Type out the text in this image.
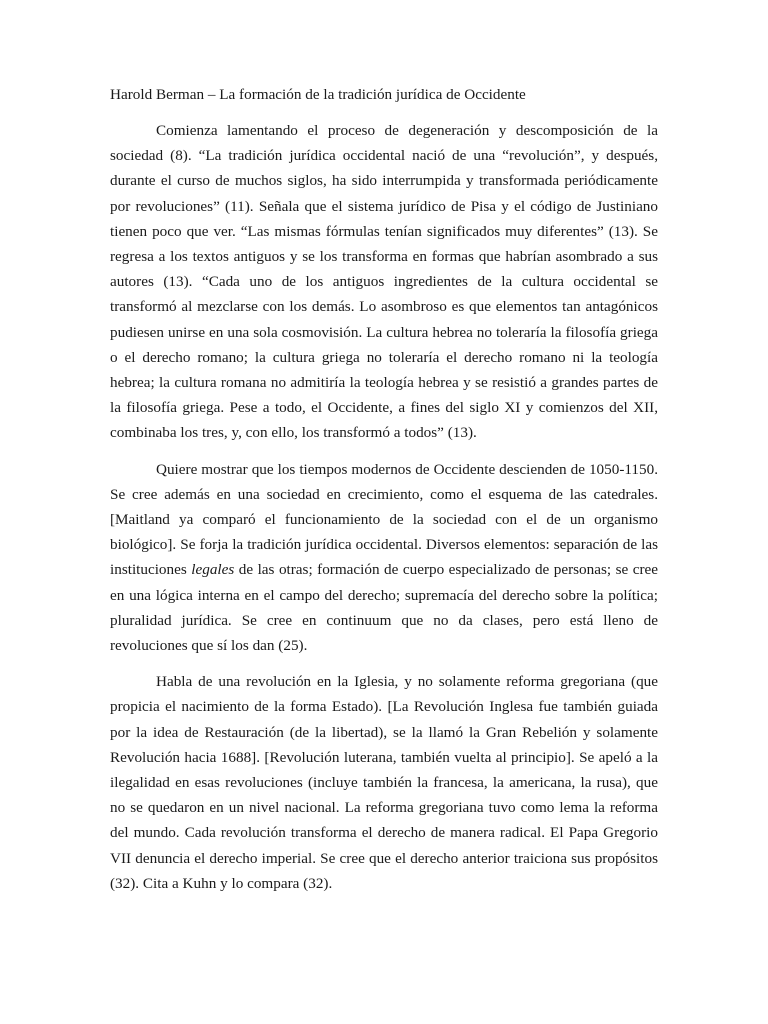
Harold Berman – La formación de la tradición jurídica de Occidente

Comienza lamentando el proceso de degeneración y descomposición de la sociedad (8). “La tradición jurídica occidental nació de una “revolución”, y después, durante el curso de muchos siglos, ha sido interrumpida y transformada periódicamente por revoluciones” (11). Señala que el sistema jurídico de Pisa y el código de Justiniano tienen poco que ver. “Las mismas fórmulas tenían significados muy diferentes” (13). Se regresa a los textos antiguos y se los transforma en formas que habrían asombrado a sus autores (13). “Cada uno de los antiguos ingredientes de la cultura occidental se transformó al mezclarse con los demás. Lo asombroso es que elementos tan antagónicos pudiesen unirse en una sola cosmovisión. La cultura hebrea no toleraría la filosofía griega o el derecho romano; la cultura griega no toleraría el derecho romano ni la teología hebrea; la cultura romana no admitiría la teología hebrea y se resistió a grandes partes de la filosofía griega. Pese a todo, el Occidente, a fines del siglo XI y comienzos del XII, combinaba los tres, y, con ello, los transformó a todos” (13).

Quiere mostrar que los tiempos modernos de Occidente descienden de 1050-1150. Se cree además en una sociedad en crecimiento, como el esquema de las catedrales. [Maitland ya comparó el funcionamiento de la sociedad con el de un organismo biológico]. Se forja la tradición jurídica occidental. Diversos elementos: separación de las instituciones legales de las otras; formación de cuerpo especializado de personas; se cree en una lógica interna en el campo del derecho; supremacía del derecho sobre la política; pluralidad jurídica. Se cree en continuum que no da clases, pero está lleno de revoluciones que sí los dan (25).

Habla de una revolución en la Iglesia, y no solamente reforma gregoriana (que propicia el nacimiento de la forma Estado). [La Revolución Inglesa fue también guiada por la idea de Restauración (de la libertad), se la llamó la Gran Rebelión y solamente Revolución hacia 1688]. [Revolución luterana, también vuelta al principio]. Se apeló a la ilegalidad en esas revoluciones (incluye también la francesa, la americana, la rusa), que no se quedaron en un nivel nacional. La reforma gregoriana tuvo como lema la reforma del mundo. Cada revolución transforma el derecho de manera radical. El Papa Gregorio VII denuncia el derecho imperial. Se cree que el derecho anterior traiciona sus propósitos (32). Cita a Kuhn y lo compara (32).
